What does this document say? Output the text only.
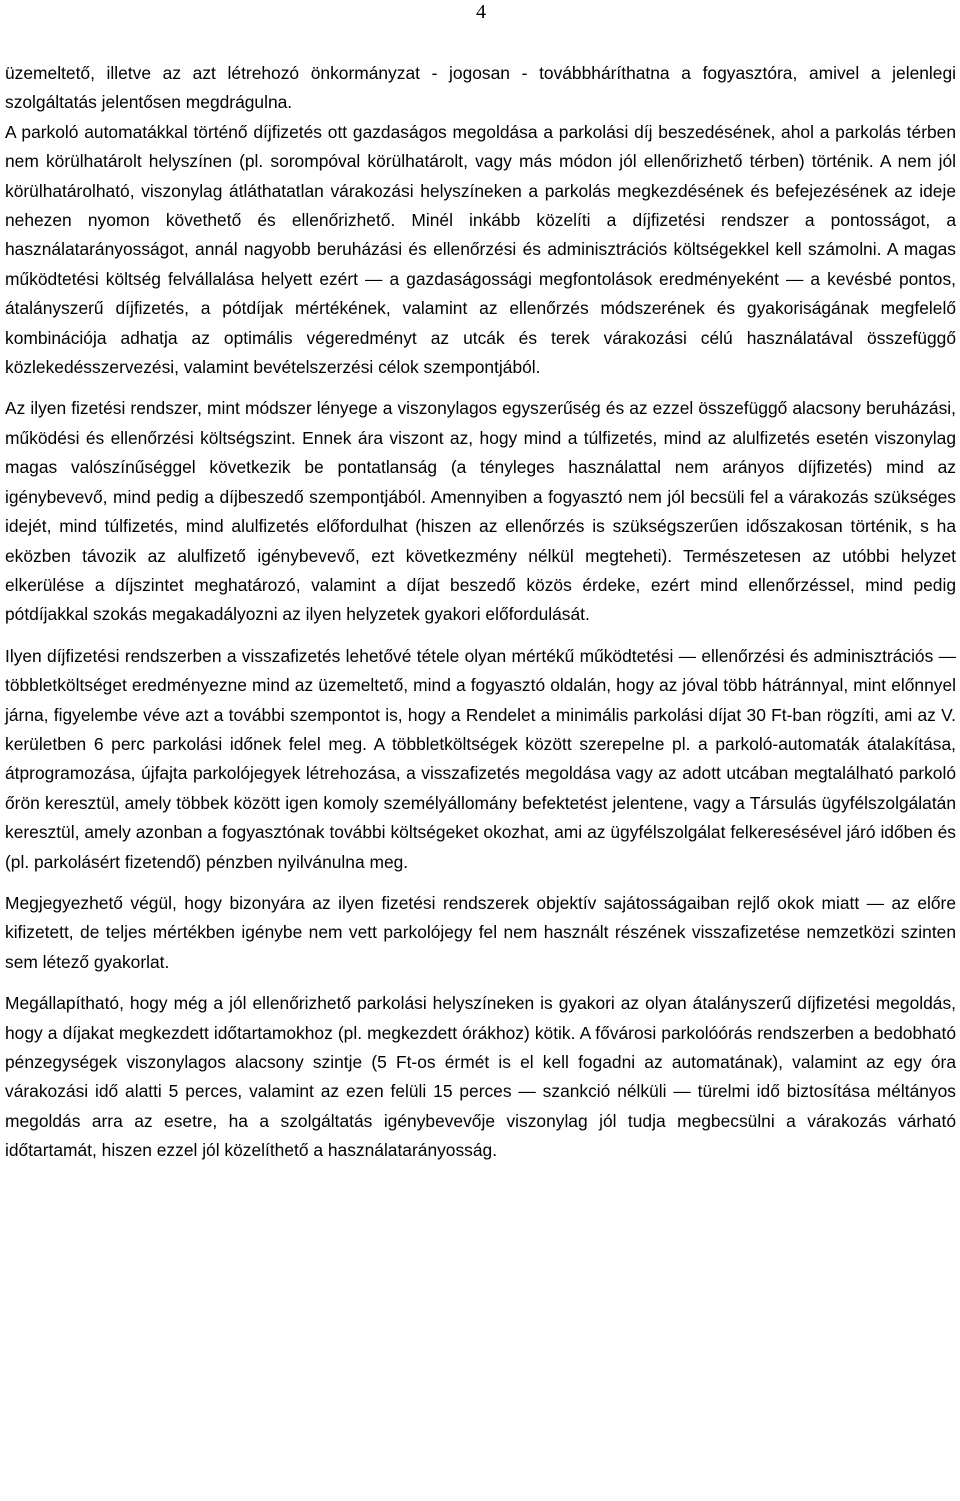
4

üzemeltető, illetve az azt létrehozó önkormányzat - jogosan - továbbháríthatna a fogyasztóra, amivel a jelenlegi szolgáltatás jelentősen megdrágulna.

A parkoló automatákkal történő díjfizetés ott gazdaságos megoldása a parkolási díj beszedésének, ahol a parkolás térben nem körülhatárolt helyszínen (pl. sorompóval körülhatárolt, vagy más módon jól ellenőrizhető térben) történik. A nem jól körülhatárolható, viszonylag átláthatatlan várakozási helyszíneken a parkolás megkezdésének és befejezésének az ideje nehezen nyomon követhető és ellenőrizhető. Minél inkább közelíti a díjfizetési rendszer a pontosságot, a használatarányosságot, annál nagyobb beruházási és ellenőrzési és adminisztrációs költségekkel kell számolni. A magas működtetési költség felvállalása helyett ezért — a gazdaságossági megfontolások eredményeként — a kevésbé pontos, átalányszerű díjfizetés, a pótdíjak mértékének, valamint az ellenőrzés módszerének és gyakoriságának megfelelő kombinációja adhatja az optimális végeredményt az utcák és terek várakozási célú használatával összefüggő közlekedésszervezési, valamint bevételszerzési célok szempontjából.

Az ilyen fizetési rendszer, mint módszer lényege a viszonylagos egyszerűség és az ezzel összefüggő alacsony beruházási, működési és ellenőrzési költségszint. Ennek ára viszont az, hogy mind a túlfizetés, mind az alulfizetés esetén viszonylag magas valószínűséggel következik be pontatlanság (a tényleges használattal nem arányos díjfizetés) mind az igénybevevő, mind pedig a díjbeszedő szempontjából. Amennyiben a fogyasztó nem jól becsüli fel a várakozás szükséges idejét, mind túlfizetés, mind alulfizetés előfordulhat (hiszen az ellenőrzés is szükségszerűen időszakosan történik, s ha eközben távozik az alulfizető igénybevevő, ezt következmény nélkül megteheti). Természetesen az utóbbi helyzet elkerülése a díjszintet meghatározó, valamint a díjat beszedő közös érdeke, ezért mind ellenőrzéssel, mind pedig pótdíjakkal szokás megakadályozni az ilyen helyzetek gyakori előfordulását.

Ilyen díjfizetési rendszerben a visszafizetés lehetővé tétele olyan mértékű működtetési — ellenőrzési és adminisztrációs — többletköltséget eredményezne mind az üzemeltető, mind a fogyasztó oldalán, hogy az jóval több hátránnyal, mint előnnyel járna, figyelembe véve azt a további szempontot is, hogy a Rendelet a minimális parkolási díjat 30 Ft-ban rögzíti, ami az V. kerületben 6 perc parkolási időnek felel meg. A többletköltségek között szerepelne pl. a parkoló-automaták átalakítása, átprogramozása, újfajta parkolójegyek létrehozása, a visszafizetés megoldása vagy az adott utcában megtalálható parkoló őrön keresztül, amely többek között igen komoly személyállomány befektetést jelentene, vagy a Társulás ügyfélszolgálatán keresztül, amely azonban a fogyasztónak további költségeket okozhat, ami az ügyfélszolgálat felkeresésével járó időben és (pl. parkolásért fizetendő) pénzben nyilvánulna meg.

Megjegyezhető végül, hogy bizonyára az ilyen fizetési rendszerek objektív sajátosságaiban rejlő okok miatt — az előre kifizetett, de teljes mértékben igénybe nem vett parkolójegy fel nem használt részének visszafizetése nemzetközi szinten sem létező gyakorlat.

Megállapítható, hogy még a jól ellenőrizhető parkolási helyszíneken is gyakori az olyan átalányszerű díjfizetési megoldás, hogy a díjakat megkezdett időtartamokhoz (pl. megkezdett órákhoz) kötik. A fővárosi parkolóórás rendszerben a bedobható pénzegységek viszonylagos alacsony szintje (5 Ft-os érmét is el kell fogadni az automatának), valamint az egy óra várakozási idő alatti 5 perces, valamint az ezen felüli 15 perces — szankció nélküli — türelmi idő biztosítása méltányos megoldás arra az esetre, ha a szolgáltatás igénybevevője viszonylag jól tudja megbecsülni a várakozás várható időtartamát, hiszen ezzel jól közelíthető a használatarányosság.
